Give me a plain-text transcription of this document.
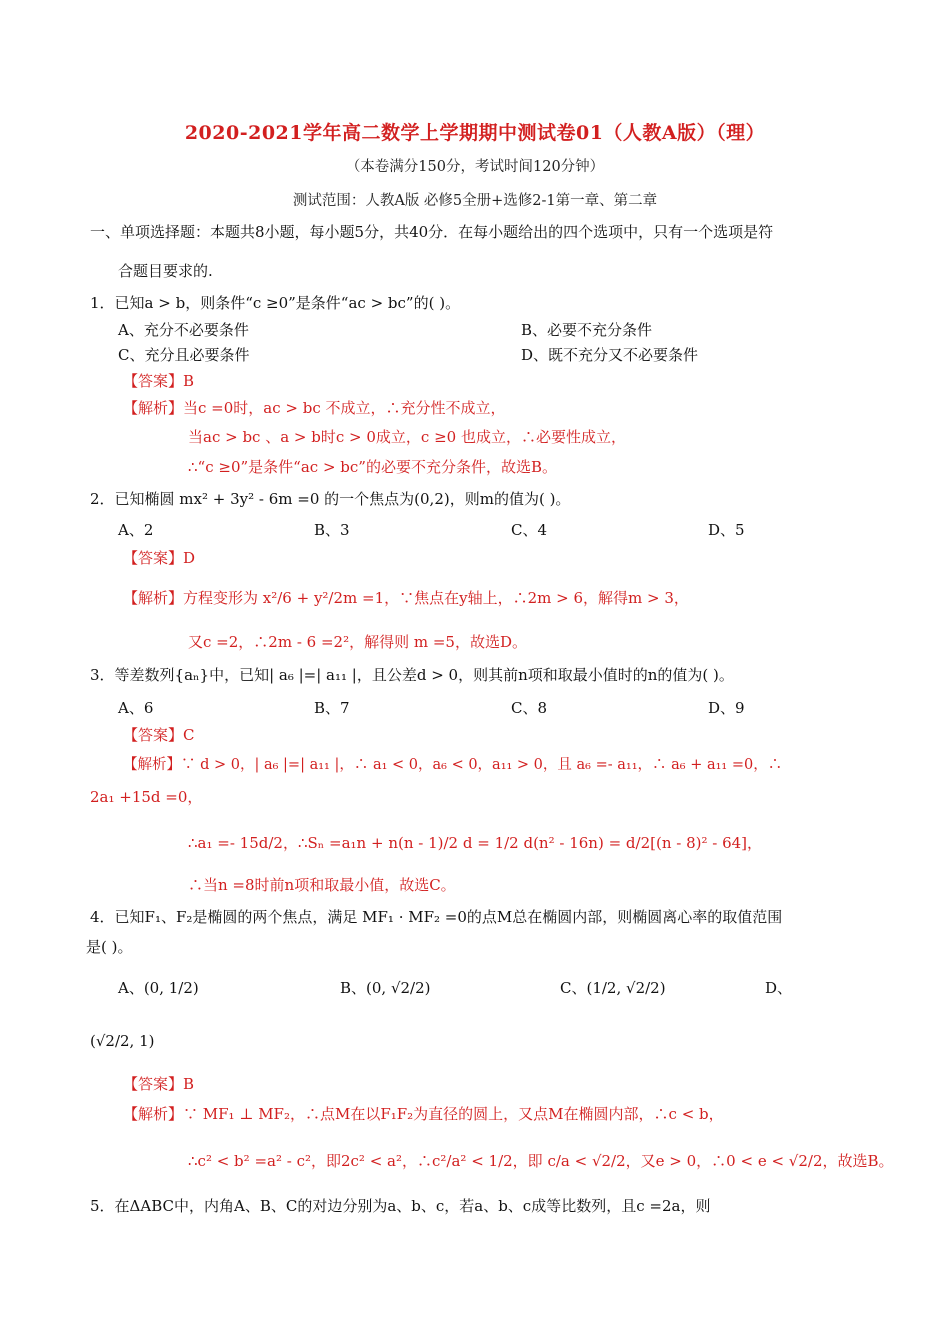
2020-2021学年高二数学上学期期中测试卷01（人教A版）（理）
（本卷满分150分，考试时间120分钟）
测试范围：人教A版 必修5全册+选修2-1第一章、第二章
一、单项选择题：本题共8小题，每小题5分，共40分．在每小题给出的四个选项中，只有一个选项是符
合题目要求的.
1．已知a > b，则条件“c ≥0”是条件“ac > bc”的( )。
A、充分不必要条件	B、必要不充分条件
C、充分且必要条件	D、既不充分又不必要条件
【答案】B
【解析】当c =0时，ac > bc 不成立，∴充分性不成立，
当ac > bc 、a > b时c > 0成立，c ≥0 也成立，∴必要性成立，
∴“c ≥0”是条件“ac > bc”的必要不充分条件，故选B。
2．已知椭圆 mx² + 3y² - 6m =0 的一个焦点为(0,2)，则m的值为( )。
A、2	B、3	C、4	D、5
【答案】D
【解析】方程变形为 x²/6 + y²/2m =1，∵焦点在y轴上，∴2m > 6，解得m > 3，
又c =2，∴2m - 6 =2²，解得则 m =5，故选D。
3．等差数列{aₙ}中，已知| a₆ |=| a₁₁ |，且公差d > 0，则其前n项和取最小值时的n的值为( )。
A、6	B、7	C、8	D、9
【答案】C
【解析】∵ d > 0，| a₆ |=| a₁₁ |，∴ a₁ < 0，a₆ < 0，a₁₁ > 0，且 a₆ =- a₁₁，∴ a₆ + a₁₁ =0，∴
2a₁ +15d =0，
∴a₁ =- 15d/2，∴Sₙ =a₁n + n(n - 1)/2 d = 1/2 d(n² - 16n) = d/2[(n - 8)² - 64]，
∴当n =8时前n项和取最小值，故选C。
4．已知F₁、F₂是椭圆的两个焦点，满足 MF₁ · MF₂ =0的点M总在椭圆内部，则椭圆离心率的取值范围
是( )。
A、(0, 1/2)	B、(0, √2/2)	C、(1/2, √2/2)	D、
(√2/2, 1)
【答案】B
【解析】∵ MF₁ ⊥ MF₂，∴点M在以F₁F₂为直径的圆上，又点M在椭圆内部，∴c < b，
∴c² < b² =a² - c²，即2c² < a²，∴c²/a² < 1/2，即 c/a < √2/2，又e > 0，∴0 < e < √2/2，故选B。
5．在ΔABC中，内角A、B、C的对边分别为a、b、c，若a、b、c成等比数列，且c =2a，则
